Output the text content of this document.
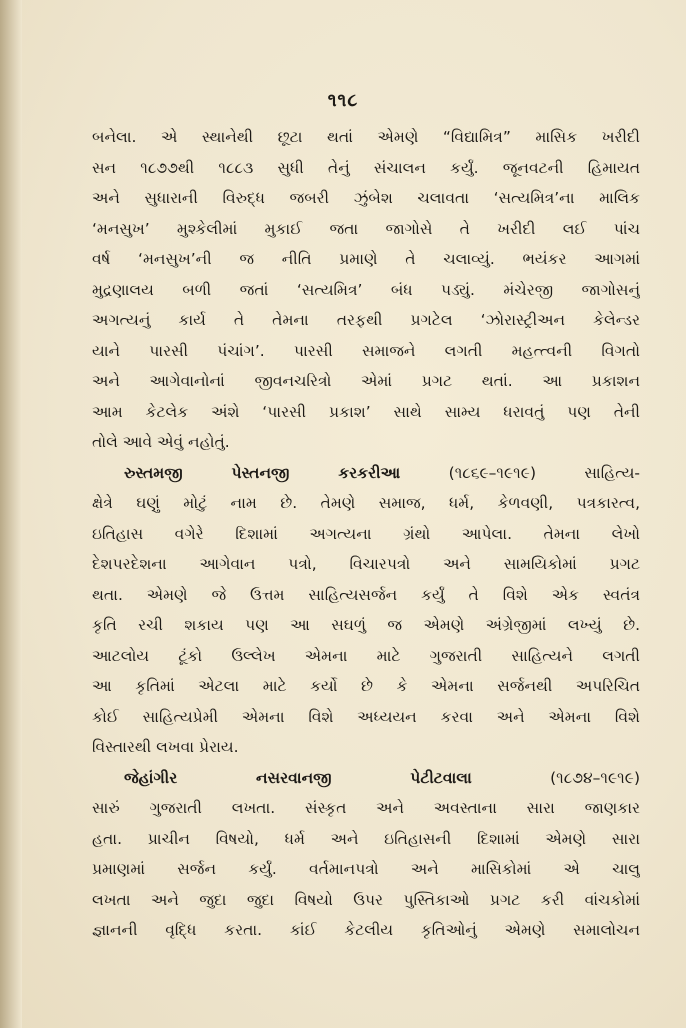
૧૧૮
બનેલા. એ સ્થાનેથી છૂટા થતાં એમણે “વિદ્યામિત્ર” માસિક ખરીદી
સન ૧૮૭૭થી ૧૮૮૩ સુધી તેનું સંચાલન કર્યું. જૂનવટની હિમાયત
અને સુધારાની વિરુદ્ધ જબરી ઝુંબેશ ચલાવતા ‘સત્યમિત્ર’ના માલિક
‘મનસુખ’ મુશ્કેલીમાં મુકાઈ જતા જાગોસે તે ખરીદી લઈ પાંચ
વર્ષ ‘મનસુખ’ની જ નીતિ પ્રમાણે તે ચલાવ્યું. ભયંકર આગમાં
મુદ્રણાલય બળી જતાં ‘સત્યમિત્ર’ બંધ પડ્યું. મંચેરજી જાગોસનું
અગત્યનું કાર્ય તે તેમના તરફથી પ્રગટેલ ‘ઝોરાસ્ટ્રીઅન કેલેન્ડર
યાને પારસી પંચાંગ’. પારસી સમાજને લગતી મહત્ત્વની વિગતો
અને આગેવાનોનાં જીવનચરિત્રો એમાં પ્રગટ થતાં. આ પ્રકાશન
આમ કેટલેક અંશે ‘પારસી પ્રકાશ’ સાથે સામ્ય ધરાવતું પણ તેની
તોલે આવે એવું નહોતું.
રુસ્તમજી પેસ્તનજી કરકરીઆ	(૧૮૬૯–૧૯૧૯) સાહિત્ય-
ક્ષેત્રે ઘણું મોટું નામ છે. તેમણે સમાજ, ધર્મ, કેળવણી, પત્રકારત્વ,
ઇતિહાસ વગેરે દિશામાં અગત્યના ગ્રંથો આપેલા. તેમના લેખો
દેશપરદેશના આગેવાન પત્રો, વિચારપત્રો અને સામયિકોમાં પ્રગટ
થતા. એમણે જે ઉત્તમ સાહિત્યસર્જન કર્યું તે વિશે એક સ્વતંત્ર
કૃતિ રચી શકાય પણ આ સઘળું જ એમણે અંગ્રેજીમાં લખ્યું છે.
આટલોય ટૂંકો ઉલ્લેખ એમના માટે ગુજરાતી સાહિત્યને લગતી
આ કૃતિમાં એટલા માટે કર્યો છે કે એમના સર્જનથી અપરિચિત
કોઈ સાહિત્યપ્રેમી એમના વિશે અધ્યયન કરવા અને એમના વિશે
વિસ્તારથી લખવા પ્રેરાય.
જેહાંગીર નસરવાનજી પેટીટવાલા	(૧૮૭૪–૧૯૧૯)
સારું ગુજરાતી લખતા. સંસ્કૃત અને અવસ્તાના સારા જાણકાર
હતા. પ્રાચીન વિષયો, ધર્મ અને ઇતિહાસની દિશામાં એમણે સારા
પ્રમાણમાં સર્જન કર્યું. વર્તમાનપત્રો અને માસિકોમાં એ ચાલુ
લખતા અને જુદા જુદા વિષયો ઉપર પુસ્તિકાઓ પ્રગટ કરી વાંચકોમાં
જ્ઞાનની વૃદ્ધિ કરતા. કાંઈ કેટલીય કૃતિઓનું એમણે સમાલોચન
